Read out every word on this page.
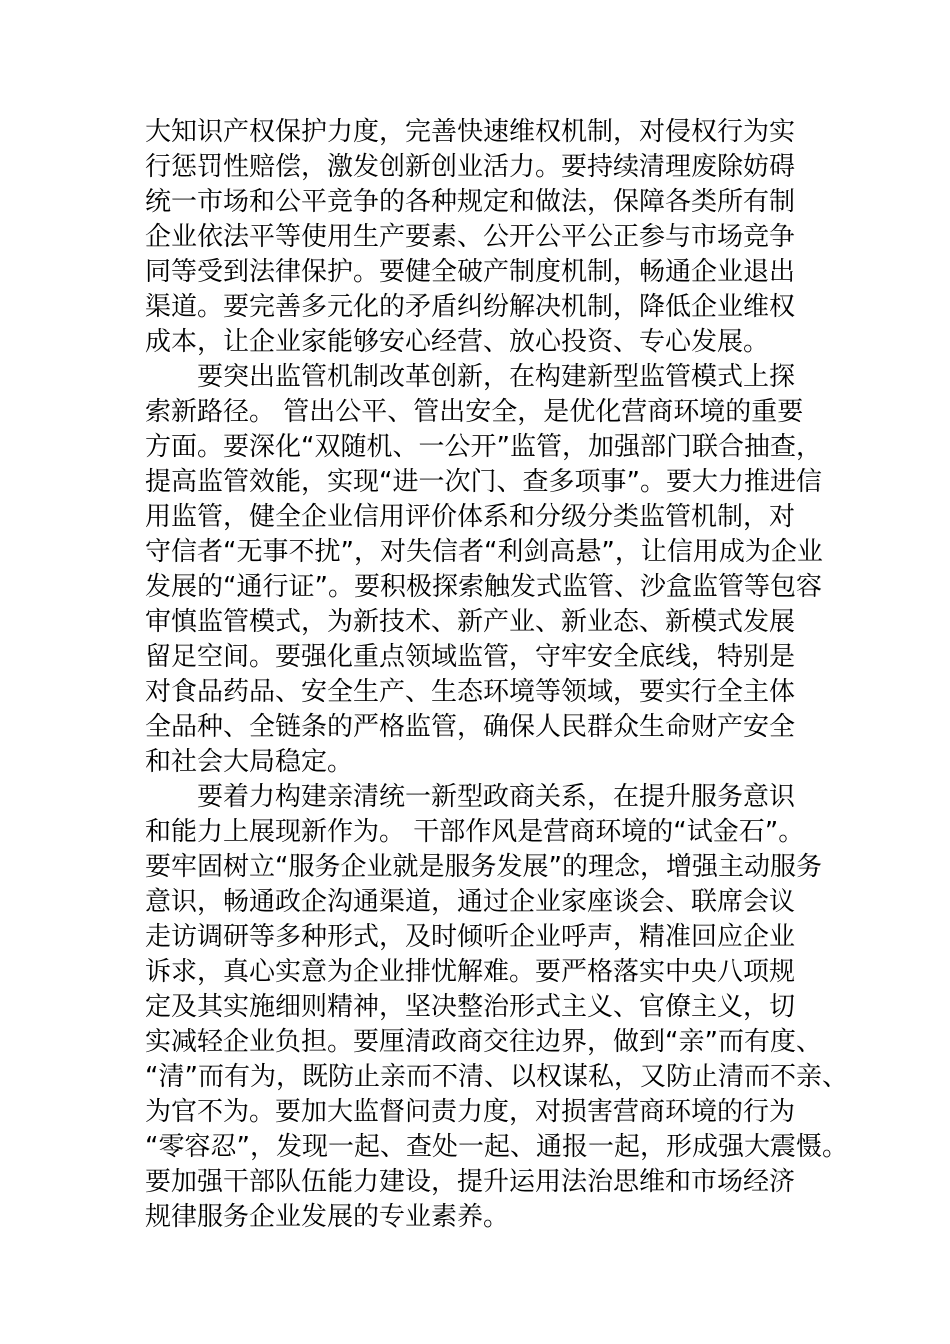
大知识产权保护力度，完善快速维权机制，对侵权行为实
行惩罚性赔偿，激发创新创业活力。要持续清理废除妨碍
统一市场和公平竞争的各种规定和做法，保障各类所有制
企业依法平等使用生产要素、公开公平公正参与市场竞争
同等受到法律保护。要健全破产制度机制，畅通企业退出
渠道。要完善多元化的矛盾纠纷解决机制，降低企业维权
成本，让企业家能够安心经营、放心投资、专心发展。
要突出监管机制改革创新，在构建新型监管模式上探
索新路径。 管出公平、管出安全，是优化营商环境的重要
方面。要深化“双随机、一公开”监管，加强部门联合抽查，
提高监管效能，实现“进一次门、查多项事”。要大力推进信
用监管，健全企业信用评价体系和分级分类监管机制，对
守信者“无事不扰”，对失信者“利剑高悬”，让信用成为企业
发展的“通行证”。要积极探索触发式监管、沙盒监管等包容
审慎监管模式，为新技术、新产业、新业态、新模式发展
留足空间。要强化重点领域监管，守牢安全底线，特别是
对食品药品、安全生产、生态环境等领域，要实行全主体
全品种、全链条的严格监管，确保人民群众生命财产安全
和社会大局稳定。
要着力构建亲清统一新型政商关系，在提升服务意识
和能力上展现新作为。 干部作风是营商环境的“试金石”。
要牢固树立“服务企业就是服务发展”的理念，增强主动服务
意识，畅通政企沟通渠道，通过企业家座谈会、联席会议
走访调研等多种形式，及时倾听企业呼声，精准回应企业
诉求，真心实意为企业排忧解难。要严格落实中央八项规
定及其实施细则精神，坚决整治形式主义、官僚主义，切
实减轻企业负担。要厘清政商交往边界，做到“亲”而有度、
“清”而有为，既防止亲而不清、以权谋私，又防止清而不亲、
为官不为。要加大监督问责力度，对损害营商环境的行为
“零容忍”，发现一起、查处一起、通报一起，形成强大震慑。
要加强干部队伍能力建设，提升运用法治思维和市场经济
规律服务企业发展的专业素养。
